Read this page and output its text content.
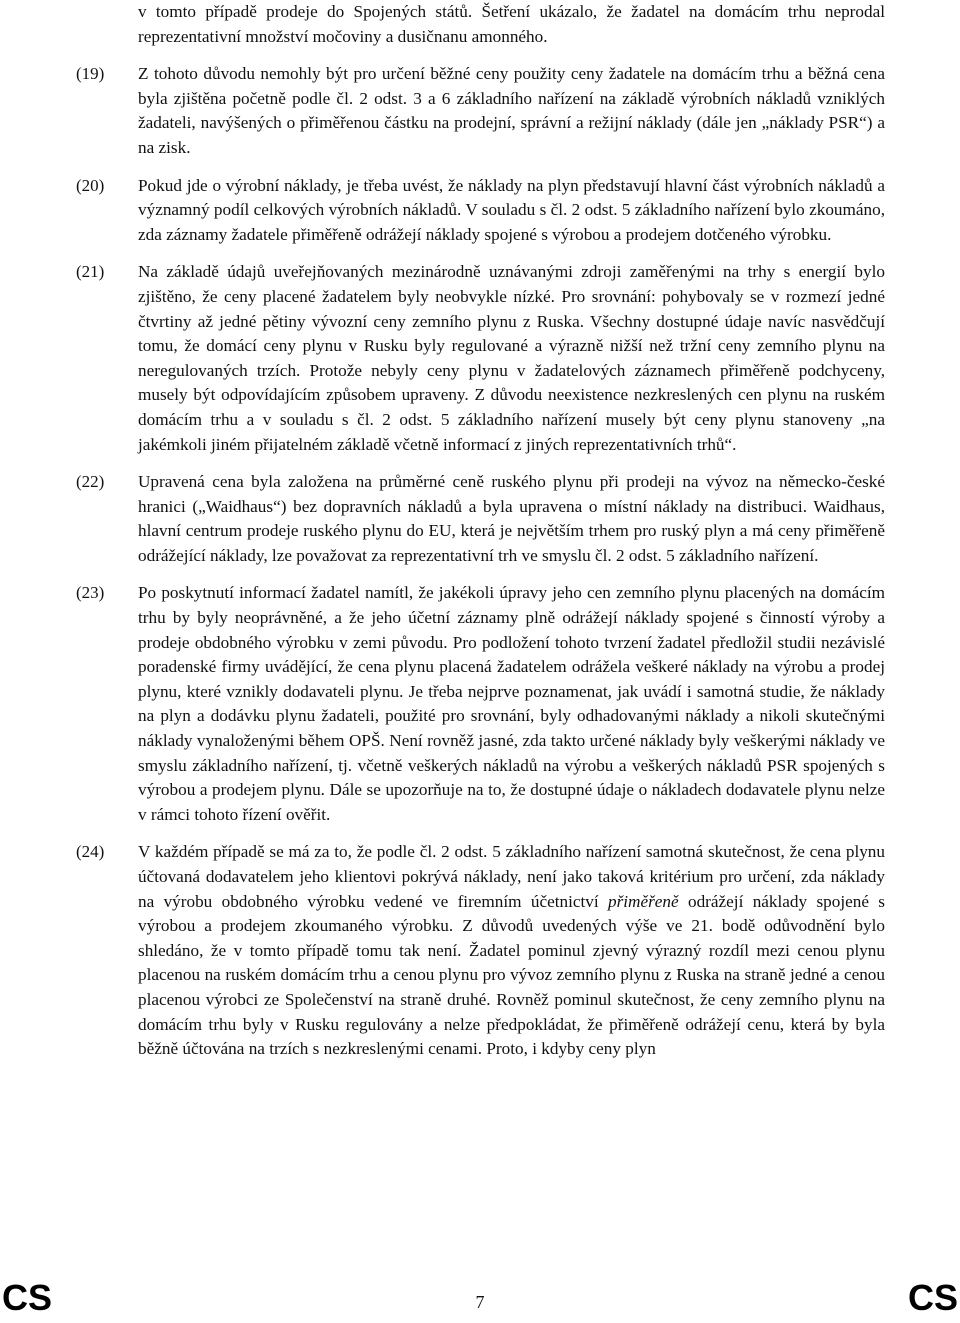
v tomto případě prodeje do Spojených států. Šetření ukázalo, že žadatel na domácím trhu neprodal reprezentativní množství močoviny a dusičnanu amonného.
(19)	Z tohoto důvodu nemohly být pro určení běžné ceny použity ceny žadatele na domácím trhu a běžná cena byla zjištěna početně podle čl. 2 odst. 3 a 6 základního nařízení na základě výrobních nákladů vzniklých žadateli, navýšených o přiměřenou částku na prodejní, správní a režijní náklady (dále jen „náklady PSR“) a na zisk.
(20)	Pokud jde o výrobní náklady, je třeba uvést, že náklady na plyn představují hlavní část výrobních nákladů a významný podíl celkových výrobních nákladů. V souladu s čl. 2 odst. 5 základního nařízení bylo zkoumáno, zda záznamy žadatele přiměřeně odrážejí náklady spojené s výrobou a prodejem dotčeného výrobku.
(21)	Na základě údajů uveřejňovaných mezinárodně uznávanými zdroji zaměřenými na trhy s energií bylo zjištěno, že ceny placené žadatelem byly neobvykle nízké. Pro srovnání: pohybovaly se v rozmezí jedné čtvrtiny až jedné pětiny vývozní ceny zemního plynu z Ruska. Všechny dostupné údaje navíc nasvědčují tomu, že domácí ceny plynu v Rusku byly regulované a výrazně nižší než tržní ceny zemního plynu na neregulovaných trzích. Protože nebyly ceny plynu v žadatelových záznamech přiměřeně podchyceny, musely být odpovídajícím způsobem upraveny. Z důvodu neexistence nezkreslených cen plynu na ruském domácím trhu a v souladu s čl. 2 odst. 5 základního nařízení musely být ceny plynu stanoveny „na jakémkoli jiném přijatelném základě včetně informací z jiných reprezentativních trhů“.
(22)	Upravená cena byla založena na průměrné ceně ruského plynu při prodeji na vývoz na německo-české hranici („Waidhaus“) bez dopravních nákladů a byla upravena o místní náklady na distribuci. Waidhaus, hlavní centrum prodeje ruského plynu do EU, která je největším trhem pro ruský plyn a má ceny přiměřeně odrážející náklady, lze považovat za reprezentativní trh ve smyslu čl. 2 odst. 5 základního nařízení.
(23)	Po poskytnutí informací žadatel namítl, že jakékoli úpravy jeho cen zemního plynu placených na domácím trhu by byly neoprávněné, a že jeho účetní záznamy plně odrážejí náklady spojené s činností výroby a prodeje obdobného výrobku v zemi původu. Pro podložení tohoto tvrzení žadatel předložil studii nezávislé poradenské firmy uvádějící, že cena plynu placená žadatelem odrážela veškeré náklady na výrobu a prodej plynu, které vznikly dodavateli plynu. Je třeba nejprve poznamenat, jak uvádí i samotná studie, že náklady na plyn a dodávku plynu žadateli, použité pro srovnání, byly odhadovanými náklady a nikoli skutečnými náklady vynaloženými během OPŠ. Není rovněž jasné, zda takto určené náklady byly veškerými náklady ve smyslu základního nařízení, tj. včetně veškerých nákladů na výrobu a veškerých nákladů PSR spojených s výrobou a prodejem plynu. Dále se upozorňuje na to, že dostupné údaje o nákladech dodavatele plynu nelze v rámci tohoto řízení ověřit.
(24)	V každém případě se má za to, že podle čl. 2 odst. 5 základního nařízení samotná skutečnost, že cena plynu účtovaná dodavatelem jeho klientovi pokrývá náklady, není jako taková kritérium pro určení, zda náklady na výrobu obdobného výrobku vedené ve firemním účetnictví přiměřeně odrážejí náklady spojené s výrobou a prodejem zkoumaného výrobku. Z důvodů uvedených výše ve 21. bodě odůvodnění bylo shledáno, že v tomto případě tomu tak není. Žadatel pominul zjevný výrazný rozdíl mezi cenou plynu placenou na ruském domácím trhu a cenou plynu pro vývoz zemního plynu z Ruska na straně jedné a cenou placenou výrobci ze Společenství na straně druhé. Rovněž pominul skutečnost, že ceny zemního plynu na domácím trhu byly v Rusku regulovány a nelze předpokládat, že přiměřeně odrážejí cenu, která by byla běžně účtována na trzích s nezkreslenými cenami. Proto, i kdyby ceny plyn
CS	7	CS
